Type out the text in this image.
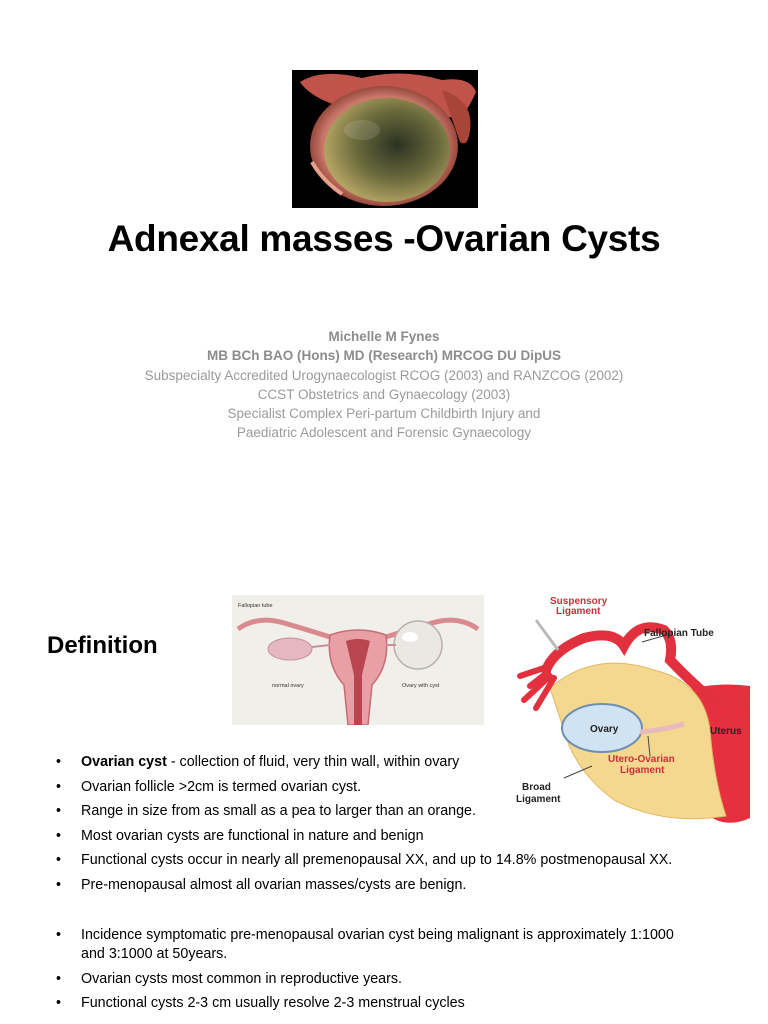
Adnexal masses -Ovarian Cysts
Michelle M Fynes
MB BCh BAO (Hons) MD (Research) MRCOG DU DipUS
Subspecialty Accredited Urogynaecologist RCOG (2003) and RANZCOG (2002)
CCST Obstetrics and Gynaecology (2003)
Specialist Complex Peri-partum Childbirth Injury and
Paediatric Adolescent and Forensic Gynaecology
Definition
Fallopian tube
normal ovary	Ovary with cyst
Suspensory
Ligament
Fallopian Tube
Uterus
Ovary
Utero-Ovarian
Ligament
Broad
Ligament
• Ovarian cyst - collection of fluid, very thin wall, within ovary
• Ovarian follicle >2cm is termed ovarian cyst.
• Range in size from as small as a pea to larger than an orange.
• Most ovarian cysts are functional in nature and benign
• Functional cysts occur in nearly all premenopausal XX, and up to 14.8% postmenopausal XX.
• Pre-menopausal almost all ovarian masses/cysts are benign.
• Incidence symptomatic pre-menopausal ovarian cyst being malignant is approximately 1:1000 and 3:1000 at 50years.
• Ovarian cysts most common in reproductive years.
• Functional cysts 2-3 cm usually resolve 2-3 menstrual cycles
